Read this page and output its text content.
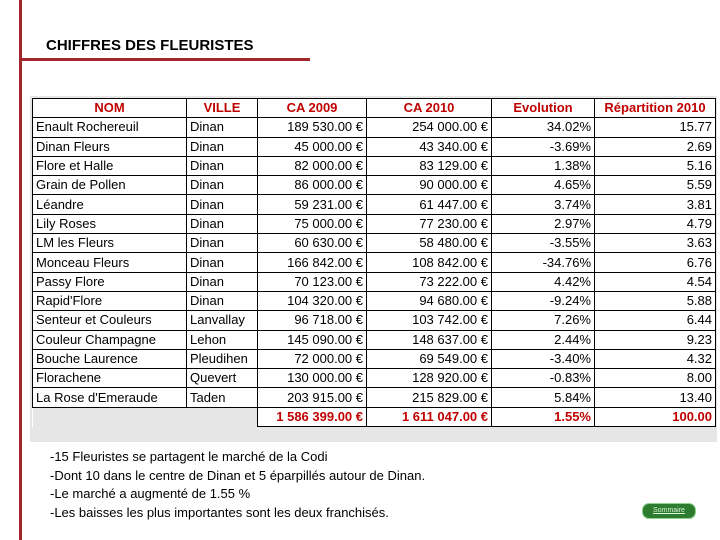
CHIFFRES DES FLEURISTES
NOM	VILLE	CA 2009	CA 2010	Evolution	Répartition 2010
Enault Rochereuil	Dinan	189 530.00 €	254 000.00 €	34.02%	15.77
Dinan Fleurs	Dinan	45 000.00 €	43 340.00 €	-3.69%	2.69
Flore et Halle	Dinan	82 000.00 €	83 129.00 €	1.38%	5.16
Grain de Pollen	Dinan	86 000.00 €	90 000.00 €	4.65%	5.59
Léandre	Dinan	59 231.00 €	61 447.00 €	3.74%	3.81
Lily Roses	Dinan	75 000.00 €	77 230.00 €	2.97%	4.79
LM les Fleurs	Dinan	60 630.00 €	58 480.00 €	-3.55%	3.63
Monceau Fleurs	Dinan	166 842.00 €	108 842.00 €	-34.76%	6.76
Passy Flore	Dinan	70 123.00 €	73 222.00 €	4.42%	4.54
Rapid'Flore	Dinan	104 320.00 €	94 680.00 €	-9.24%	5.88
Senteur et Couleurs	Lanvallay	96 718.00 €	103 742.00 €	7.26%	6.44
Couleur Champagne	Lehon	145 090.00 €	148 637.00 €	2.44%	9.23
Bouche Laurence	Pleudihen	72 000.00 €	69 549.00 €	-3.40%	4.32
Florachene	Quevert	130 000.00 €	128 920.00 €	-0.83%	8.00
La Rose d'Emeraude	Taden	203 915.00 €	215 829.00 €	5.84%	13.40
		1 586 399.00 €	1 611 047.00 €	1.55%	100.00
-15 Fleuristes se partagent le marché de la Codi
-Dont 10 dans le centre de Dinan et 5 éparpillés autour de Dinan.
-Le marché a augmenté de 1.55 %
-Les baisses les plus importantes sont les deux franchisés.	Sommaire
